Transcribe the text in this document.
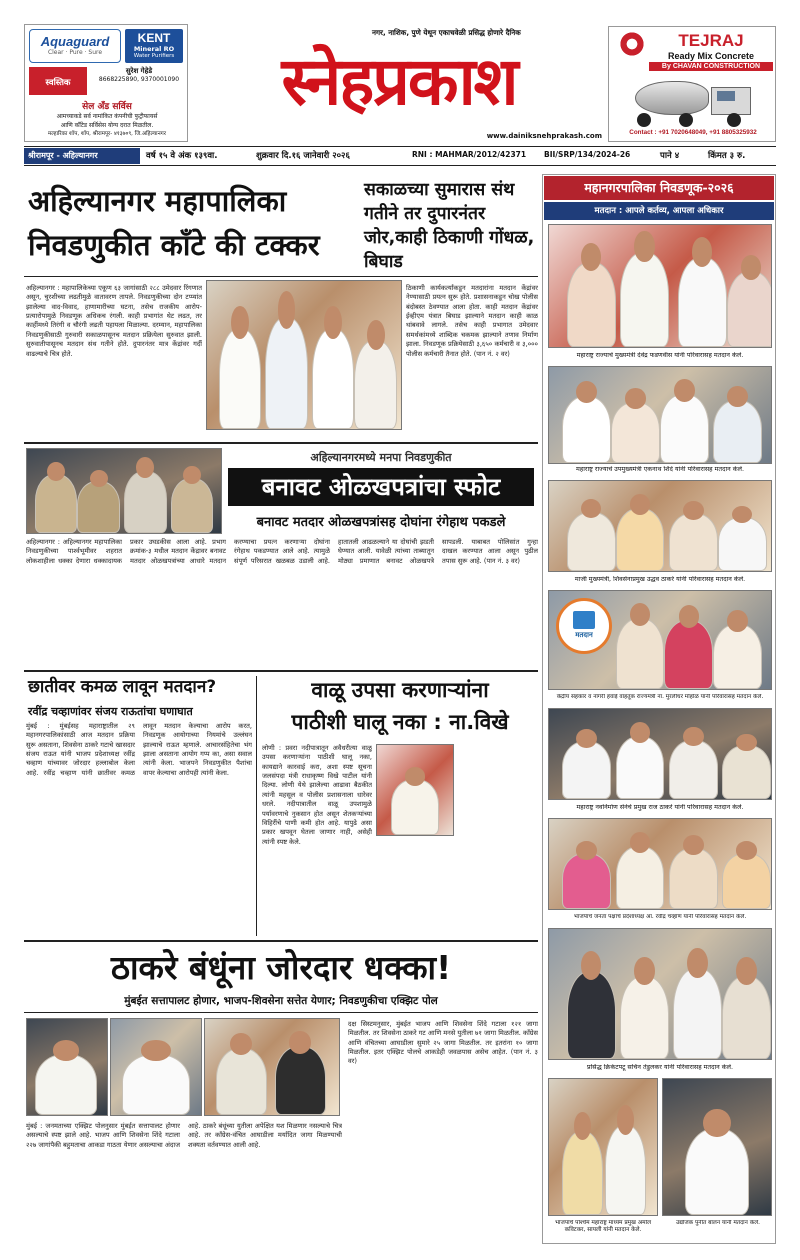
Aquaguard
Clear · Pure · Sure
KENT
Mineral RO
Water Purifiers
स्वस्तिक एन्टरप्रायजेस
सुरेश गेहेडे
8668225890, 9370001090
सेल अँड सर्विस
आमच्याकडे सर्व नामांकित कंपनीची फुट्रीफायर्स
आणि कॉँटेड सर्विसेस योग्य दरात मिळतील.
मल्हारिका शॉप, शॉप, श्रीरामपूर- ४१३७०९, जि.अहिल्यानगर
नगर, नाशिक, पुणे येथून एकाचवेळी प्रसिद्ध होणारे दैनिक
स्नेहप्रकाश
www.dainiksnehprakash.com
TEJRAJ
Ready Mix Concrete
By CHAVAN CONSTRUCTION
Contact : +91 7020648049, +91 8805325932
श्रीरामपूर - अहिल्यानगर	वर्ष १५ वे अंक १३९वा.	शुक्रवार दि.१६ जानेवारी २०२६	RNI : MAHMAR/2012/42371 BII/SRP/134/2024-26	पाने ४	किंमत ३ रु.
अहिल्यानगर महापालिका
निवडणुकीत काँटे की टक्कर
सकाळच्या सुमारास संथ गतीने तर दुपारनंतर जोर,काही ठिकाणी गोंधळ, बिघाड
अहिल्यानगर : महापालिकेच्या एकूण ६३ जागांसाठी २८८ उमेदवार रिंगणात असून, चुरशीच्या लढतीमुळे वातावरण तापले. निवडणुकीच्या दोन टप्प्यांत झालेल्या वाद-विवाद, हाणामारीच्या घटना, तसेच राजकीय आरोप-प्रत्यारोपामुळे निवडणूक अधिकच रंगली. काही प्रभागांत थेट लढत, तर काहींमध्ये तिरंगी व चौरंगी लढती पहायला मिळाल्या. दरम्यान, महापालिका निवडणुकीसाठी गुरुवारी सकाळपासूनच मतदान प्रक्रियेला सुरुवात झाली. सुरुवातीपासूनच मतदान संथ गतीने होते. दुपारनंतर मात्र केंद्रांवर गर्दी वाढल्याचे चित्र होते.
ठिकाणी कार्यकर्त्यांकडून मतदारांना मतदान केंद्रांवर नेण्यासाठी प्रयत्न सुरू होते. प्रशासनाकडून चोख पोलीस बंदोबस्त ठेवण्यात आला होता. काही मतदान केंद्रांवर ईव्हीएम यंत्रात बिघाड झाल्याने मतदान काही काळ थांबवावे लागले. तसेच काही प्रभागात उमेदवार समर्थकांमध्ये शाब्दिक चकमक झाल्याने तणाव निर्माण झाला. निवडणूक प्रक्रियेसाठी ३,६५० कर्मचारी व ३,००० पोलीस कर्मचारी तैनात होते. (पान नं. २ वर)
अहिल्यानगरमध्ये मनपा निवडणुकीत
बनावट ओळखपत्रांचा स्फोट
बनावट मतदार ओळखपत्रांसह दोघांना रंगेहाथ पकडले
अहिल्यानगर : अहिल्यानगर महापालिका निवडणुकीच्या पार्श्वभूमीवर शहरात लोकशाहीला धक्का देणारा धक्कादायक प्रकार उघडकीस आला आहे. प्रभाग क्रमांक-३ मधील मतदान केंद्रावर बनावट मतदार ओळखपत्रांच्या आधारे मतदान करण्याचा प्रयत्न करणाऱ्या दोघांना रंगेहाथ पकडण्यात आले आहे. त्यामुळे संपूर्ण परिसरात खळबळ उडाली आहे. हातातली आढळल्याने या दोघांची झडती घेण्यात आली. यावेळी त्यांच्या ताब्यातून मोठ्या प्रमाणात बनावट ओळखपत्रे सापडली. याबाबत पोलिसांत गुन्हा दाखल करण्यात आला असून पुढील तपास सुरू आहे. (पान नं. ३ वर)
छातीवर कमळ लावून मतदान?
रवींद्र चव्हाणांवर संजय राऊतांचा घणाघात
मुंबई : मुंबईसह महाराष्ट्रातील २९ महानगरपालिकांसाठी आज मतदान प्रक्रिया सुरू असताना, शिवसेना ठाकरे गटाचे खासदार संजय राऊत यांनी भाजप प्रदेशाध्यक्ष रवींद्र चव्हाण यांच्यावर जोरदार हल्लाबोल केला आहे. रवींद्र चव्हाण यांनी छातीवर कमळ लावून मतदान केल्याचा आरोप करत, निवडणूक आयोगाच्या नियमांचे उल्लंघन झाल्याचे राऊत म्हणाले. आचारसंहितेचा भंग झाला असताना आयोग गप्प का, असा सवाल त्यांनी केला. भाजपने निवडणुकीत पैशांचा वापर केल्याचा आरोपही त्यांनी केला.
वाळू उपसा करणाऱ्यांना
पाठीशी घालू नका : ना.विखे
लोणी : प्रवरा नदीपात्रातून अवैधरीत्या वाळू उपसा करणाऱ्यांना पाठीशी घालू नका, कायद्याने कारवाई करा, अशा स्पष्ट सूचना जलसंपदा मंत्री राधाकृष्ण विखे पाटील यांनी दिल्या. लोणी येथे झालेल्या आढावा बैठकीत त्यांनी महसूल व पोलीस प्रशासनाला धारेवर धरले. नदीपात्रातील वाळू उपशामुळे पर्यावरणाचे नुकसान होत असून शेतकऱ्यांच्या विहिरींचे पाणी कमी होत आहे. यापुढे असा प्रकार खपवून घेतला जाणार नाही, असेही त्यांनी स्पष्ट केले.
ठाकरे बंधूंना जोरदार धक्का!
मुंबईत सत्तापालट होणार, भाजप-शिवसेना सत्तेत येणार; निवडणुकीचा एक्झिट पोल
मुंबई : जनमताच्या एक्झिट पोलनुसार मुंबईत सत्तापालट होणार असल्याचे स्पष्ट झाले आहे. भाजप आणि शिवसेना शिंदे गटाला २२७ जागांपैकी बहुमताचा आकडा गाठता येणार असल्याचा अंदाज आहे. ठाकरे बंधूंच्या युतीला अपेक्षित यश मिळणार नसल्याचे चित्र आहे. तर काँग्रेस-वंचित आघाडीला मर्यादित जागा मिळण्याची शक्यता वर्तवण्यात आली आहे.
दक्ष सिस्टमनुसार, मुंबईत भाजप आणि शिवसेना शिंदे गटाला १२१ जागा मिळतील. तर शिवसेना ठाकरे गट आणि मनसे युतीला ७१ जागा मिळतील. काँग्रेस आणि वंचितच्या आघाडीला सुमारे २५ जागा मिळतील. तर इतरांना १० जागा मिळतील. इतर एक्झिट पोलचे आकडेही जवळपास असेच आहेत. (पान नं. ३ वर)
महानगरपालिका निवडणूक-२०२६
मतदान : आपले कर्तव्य, आपला अधिकार
महाराष्ट्र राज्याचे मुख्यमंत्री देवेंद्र फडणवीस यांनी परिवारासह मतदान केले.
महाराष्ट्र राज्याचे उपमुख्यमंत्री एकनाथ शिंदे यांनी परिवारासह मतदान केले.
माजी मुख्यमंत्री, शिवसेनाप्रमुख उद्धव ठाकरे यांनी परिवारासह मतदान केले.
मतदान
केंद्रीय सहकार व नागरी हवाई वाहतूक राज्यमंत्री ना. मुरलीधर मोहोळ यांनी परिवारासह मतदान केले.
महाराष्ट्र नवनिर्माण सेनेचे प्रमुख राज ठाकरे यांनी परिवारासह मतदान केले.
भाजपाचे जनता पक्षाचे प्रदेशाध्यक्ष आ. रवींद्र चव्हाण यांनी परिवारासह मतदान केले.
प्रसिद्ध क्रिकेटपटू सचिन तेंडुलकर यांनी परिवारासह मतदान केले.
भाजपाचे पश्चिम महाराष्ट्र माध्यम प्रमुख अमोल कविटकर, सायली यांनी मतदान केले.
उद्योजक पुनीत बालन यांनी मतदान केले.
